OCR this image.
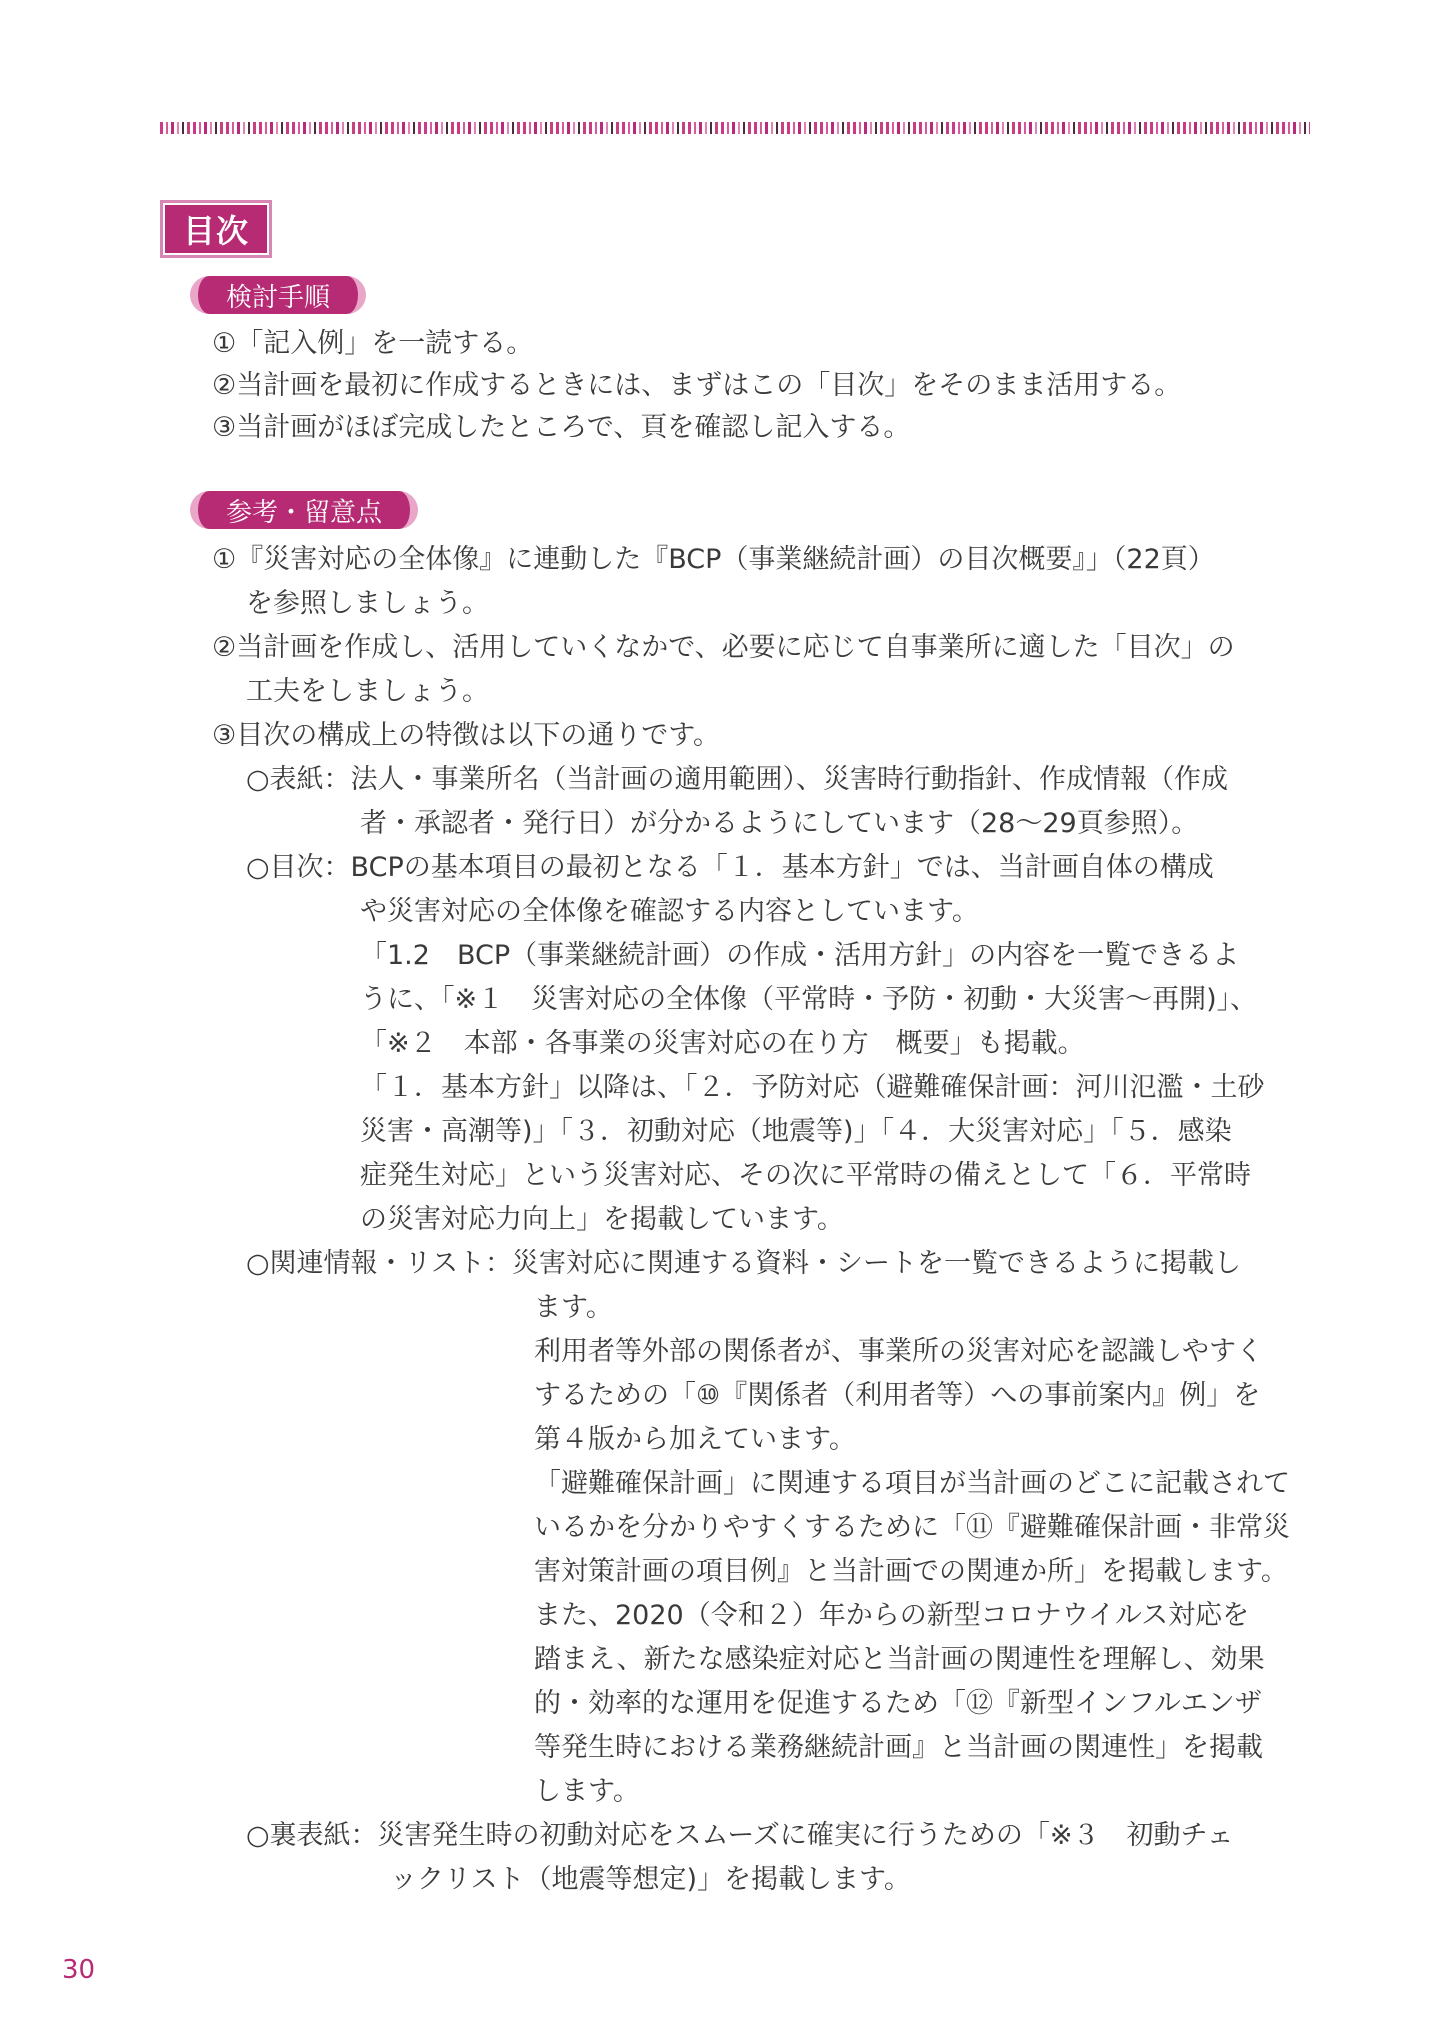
目次
検討手順
①「記入例」を一読する。
②当計画を最初に作成するときには、まずはこの「目次」をそのまま活用する。
③当計画がほぼ完成したところで、頁を確認し記入する。
参考・留意点
①『災害対応の全体像』に連動した『BCP（事業継続計画）の目次概要』」（22頁）
を参照しましょう。
②当計画を作成し、活用していくなかで、必要に応じて自事業所に適した「目次」の
工夫をしましょう。
③目次の構成上の特徴は以下の通りです。
○表紙：法人・事業所名（当計画の適用範囲）、災害時行動指針、作成情報（作成
者・承認者・発行日）が分かるようにしています（28～29頁参照）。
○目次：BCPの基本項目の最初となる「１．基本方針」では、当計画自体の構成
や災害対応の全体像を確認する内容としています。
「1.2　BCP（事業継続計画）の作成・活用方針」の内容を一覧できるよ
うに、「※１　災害対応の全体像（平常時・予防・初動・大災害～再開)」、
「※２　本部・各事業の災害対応の在り方　概要」も掲載。
「１．基本方針」以降は、「２．予防対応（避難確保計画：河川氾濫・土砂
災害・高潮等)」「３．初動対応（地震等)」「４．大災害対応」「５．感染
症発生対応」という災害対応、その次に平常時の備えとして「６．平常時
の災害対応力向上」を掲載しています。
○関連情報・リスト：災害対応に関連する資料・シートを一覧できるように掲載し
ます。
利用者等外部の関係者が、事業所の災害対応を認識しやすく
するための「⑩『関係者（利用者等）への事前案内』例」を
第４版から加えています。
「避難確保計画」に関連する項目が当計画のどこに記載されて
いるかを分かりやすくするために「⑪『避難確保計画・非常災
害対策計画の項目例』と当計画での関連か所」を掲載します。
また、2020（令和２）年からの新型コロナウイルス対応を
踏まえ、新たな感染症対応と当計画の関連性を理解し、効果
的・効率的な運用を促進するため「⑫『新型インフルエンザ
等発生時における業務継続計画』と当計画の関連性」を掲載
します。
○裏表紙：災害発生時の初動対応をスムーズに確実に行うための「※３　初動チェ
ックリスト（地震等想定)」を掲載します。
30
